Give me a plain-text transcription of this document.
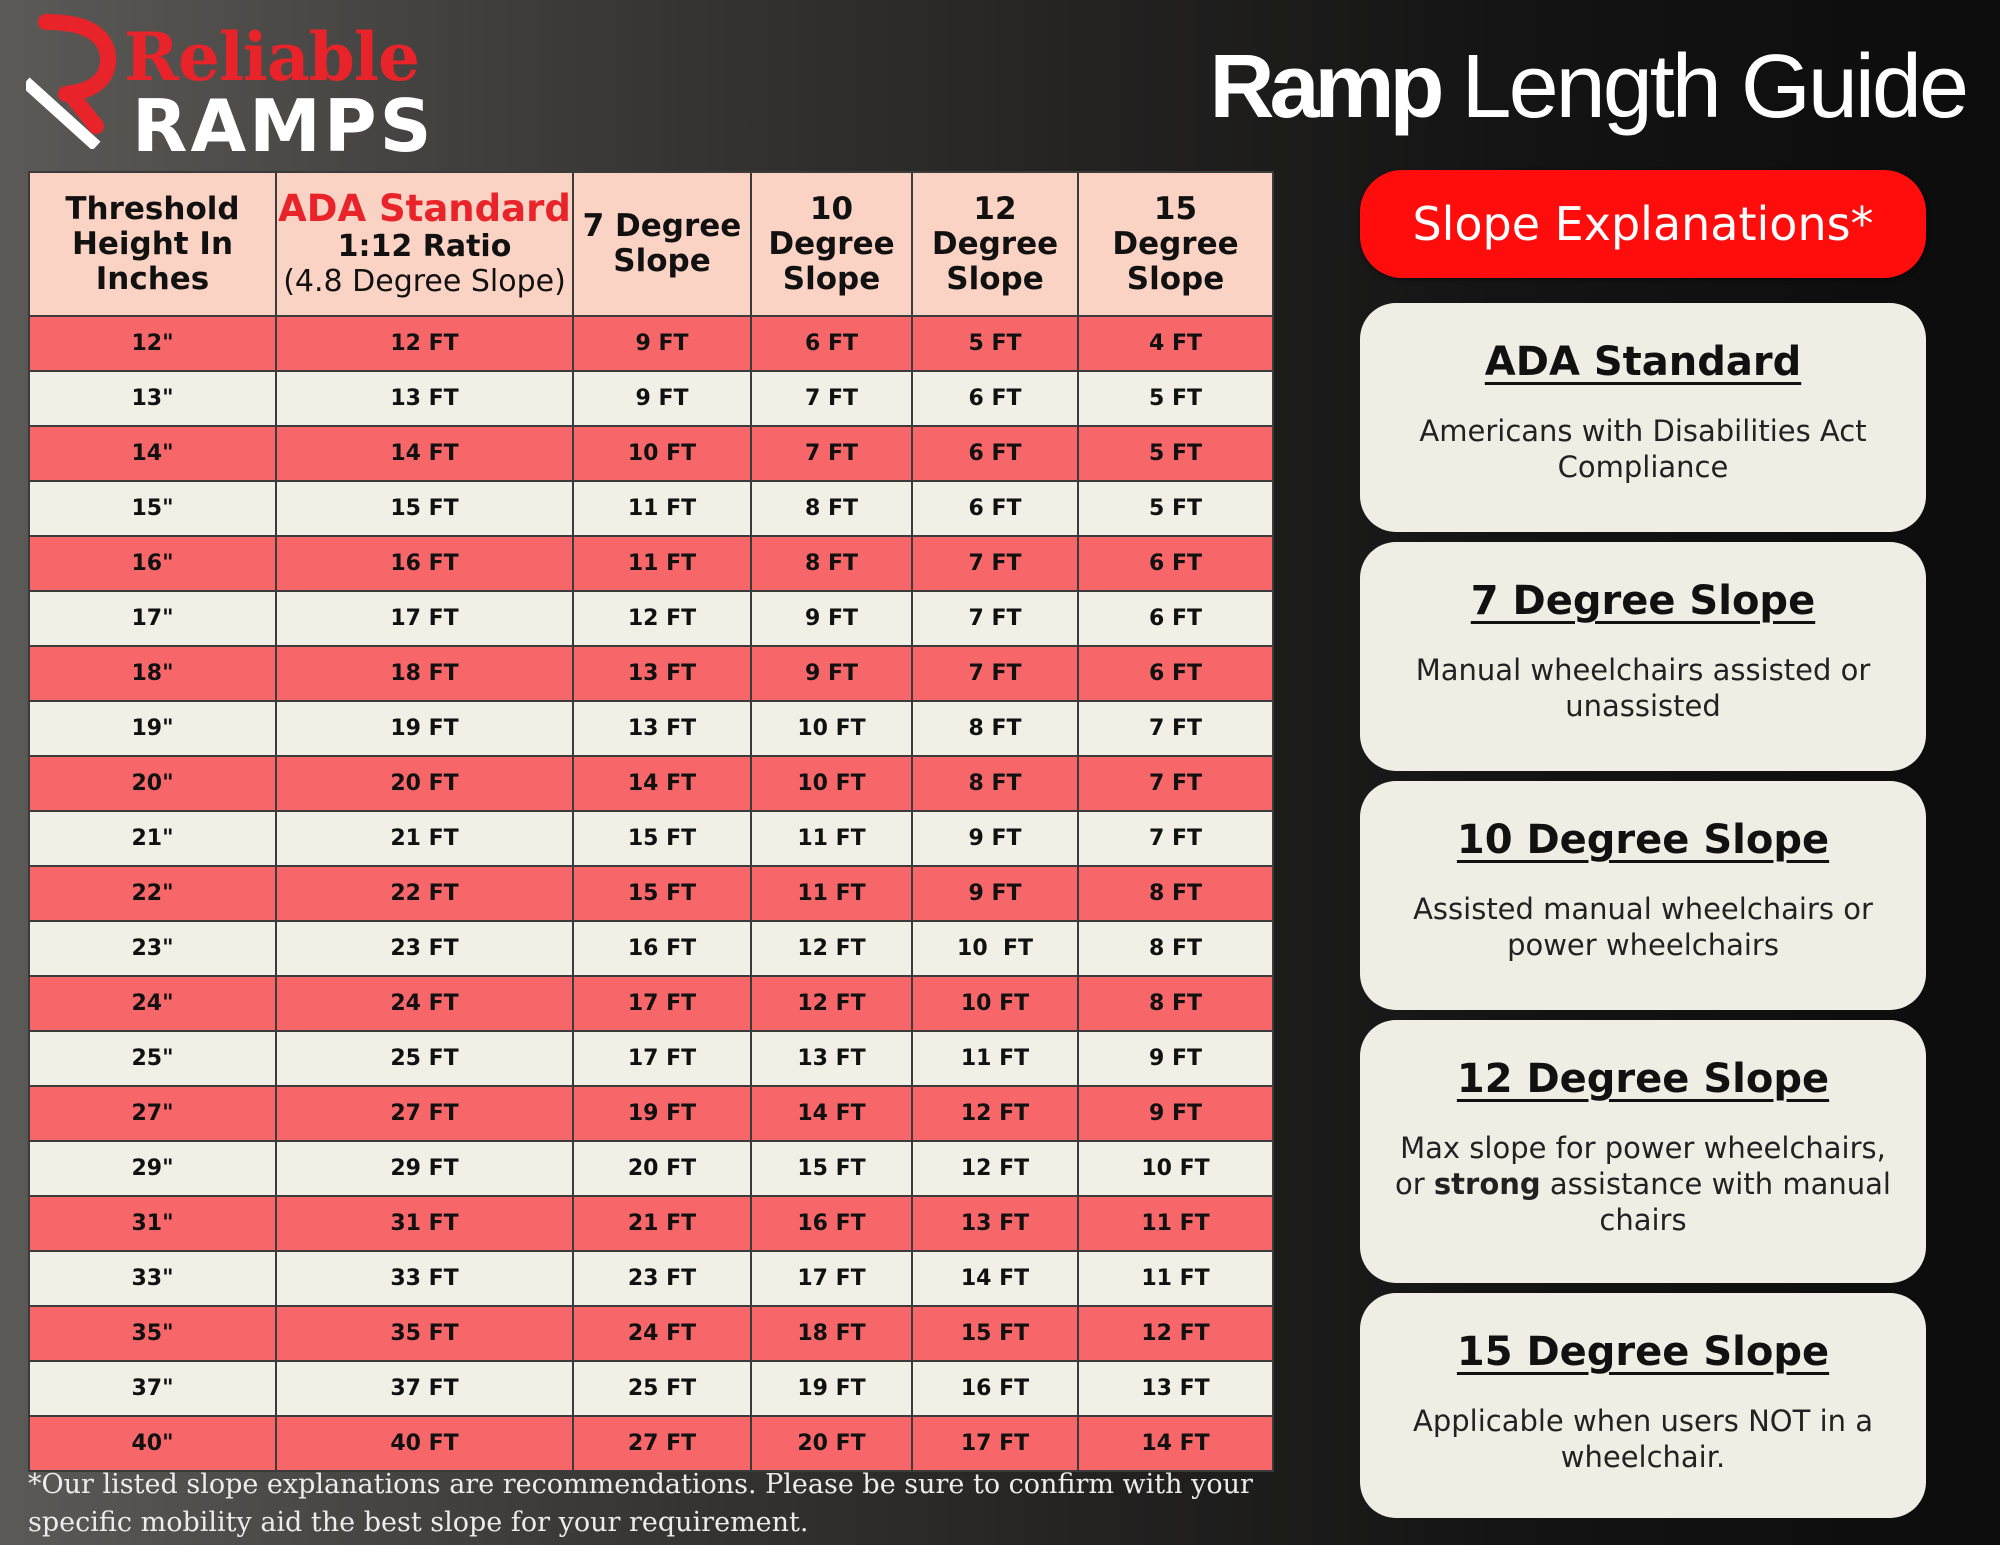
Reliable
RAMPS	Ramp Length Guide
Threshold Height In Inches	ADA Standard
1:12 Ratio
(4.8 Degree Slope)	7 Degree Slope	10 Degree Slope	12 Degree Slope	15 Degree Slope
12"	12 FT	9 FT	6 FT	5 FT	4 FT
13"	13 FT	9 FT	7 FT	6 FT	5 FT
14"	14 FT	10 FT	7 FT	6 FT	5 FT
15"	15 FT	11 FT	8 FT	6 FT	5 FT
16"	16 FT	11 FT	8 FT	7 FT	6 FT
17"	17 FT	12 FT	9 FT	7 FT	6 FT
18"	18 FT	13 FT	9 FT	7 FT	6 FT
19"	19 FT	13 FT	10 FT	8 FT	7 FT
20"	20 FT	14 FT	10 FT	8 FT	7 FT
21"	21 FT	15 FT	11 FT	9 FT	7 FT
22"	22 FT	15 FT	11 FT	9 FT	8 FT
23"	23 FT	16 FT	12 FT	10  FT	8 FT
24"	24 FT	17 FT	12 FT	10 FT	8 FT
25"	25 FT	17 FT	13 FT	11 FT	9 FT
27"	27 FT	19 FT	14 FT	12 FT	9 FT
29"	29 FT	20 FT	15 FT	12 FT	10 FT
31"	31 FT	21 FT	16 FT	13 FT	11 FT
33"	33 FT	23 FT	17 FT	14 FT	11 FT
35"	35 FT	24 FT	18 FT	15 FT	12 FT
37"	37 FT	25 FT	19 FT	16 FT	13 FT
40"	40 FT	27 FT	20 FT	17 FT	14 FT
*Our listed slope explanations are recommendations. Please be sure to confirm with your specific mobility aid the best slope for your requirement.
Slope Explanations*
ADA Standard
Americans with Disabilities Act Compliance
7 Degree Slope
Manual wheelchairs assisted or unassisted
10 Degree Slope
Assisted manual wheelchairs or power wheelchairs
12 Degree Slope
Max slope for power wheelchairs, or strong assistance with manual chairs
15 Degree Slope
Applicable when users NOT in a wheelchair.
